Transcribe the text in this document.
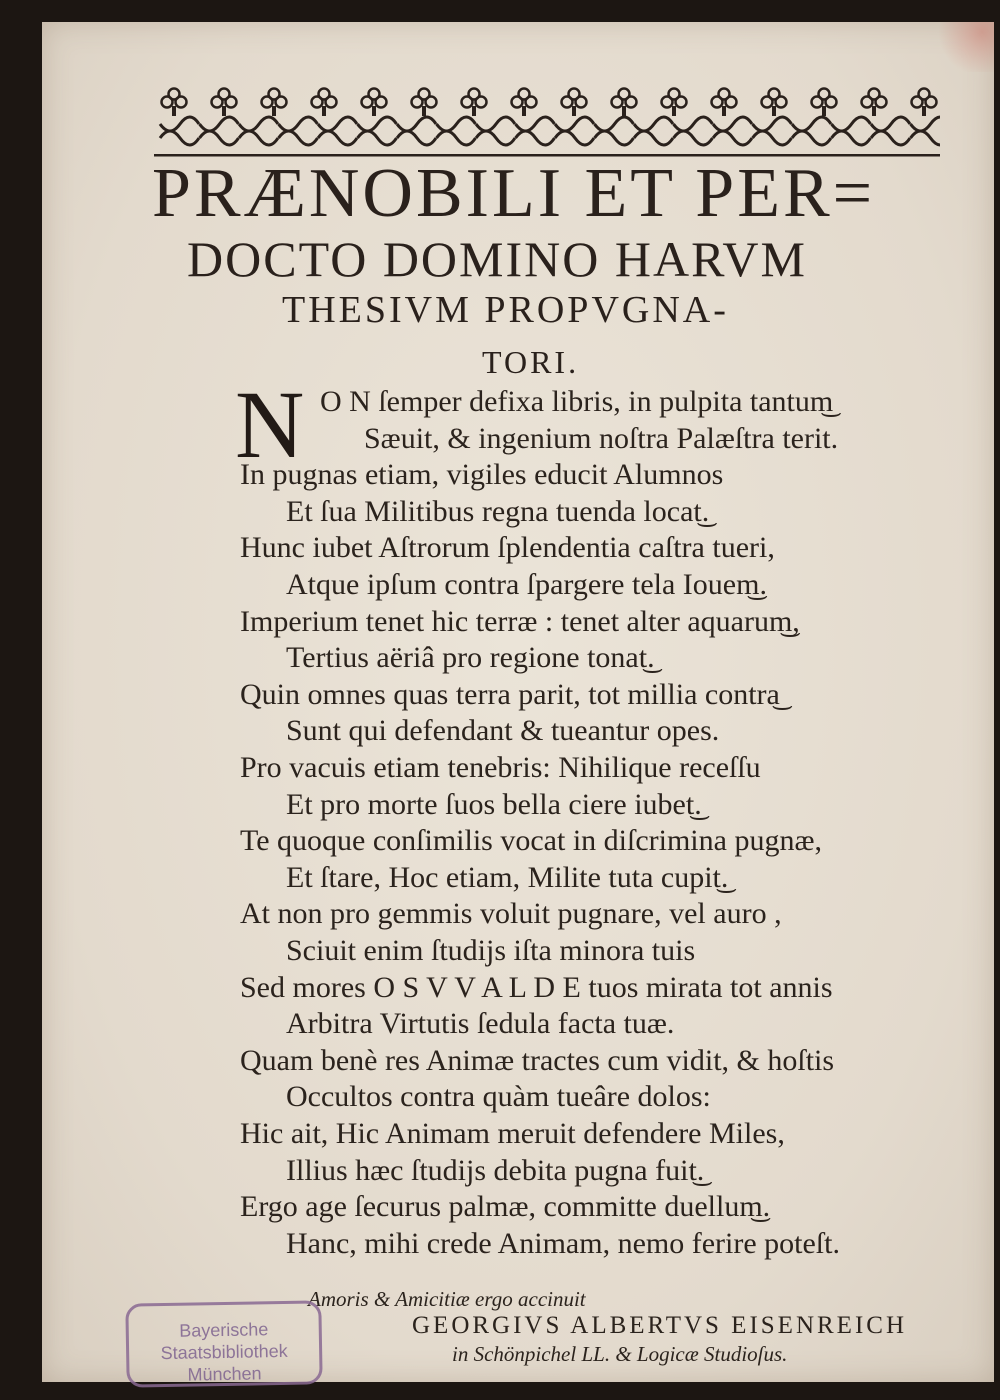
PRÆNOBILI ET PER=
DOCTO DOMINO HARVM
THESIVM PROPVGNA-
TORI.
N O N ſemper defixa libris, in pulpita tantum͜
Sæuit, & ingenium noſtra Palæſtra terit.
In pugnas etiam, vigiles educit Alumnos
Et ſua Militibus regna tuenda locat͜.
Hunc iubet Aſtrorum ſplendentia caſtra tueri,
Atque ipſum contra ſpargere tela Iouem͜.
Imperium tenet hic terræ : tenet alter aquarum͜,
Tertius aëriâ pro regione tonat͜.
Quin omnes quas terra parit, tot millia contra͜
Sunt qui defendant & tueantur opes.
Pro vacuis etiam tenebris: Nihilique receſſu
Et pro morte ſuos bella ciere iubet͜.
Te quoque conſimilis vocat in diſcrimina pugnæ,
Et ſtare, Hoc etiam, Milite tuta cupit͜.
At non pro gemmis voluit pugnare, vel auro ,
Sciuit enim ſtudijs iſta minora tuis
Sed mores O S V V A L D E tuos mirata tot annis
Arbitra Virtutis ſedula facta tuæ.
Quam benè res Animæ tractes cum vidit, & hoſtis
Occultos contra quàm tueâre dolos:
Hic ait, Hic Animam meruit defendere Miles,
Illius hæc ſtudijs debita pugna fuit͜.
Ergo age ſecurus palmæ, committe duellum͜.
Hanc, mihi crede Animam, nemo ferire poteſt.
Amoris & Amicitiæ ergo accinuit
GEORGIVS ALBERTVS EISENREICH
in Schönpichel LL. & Logicæ Studioſus.
Bayerische
Staatsbibliothek
München
